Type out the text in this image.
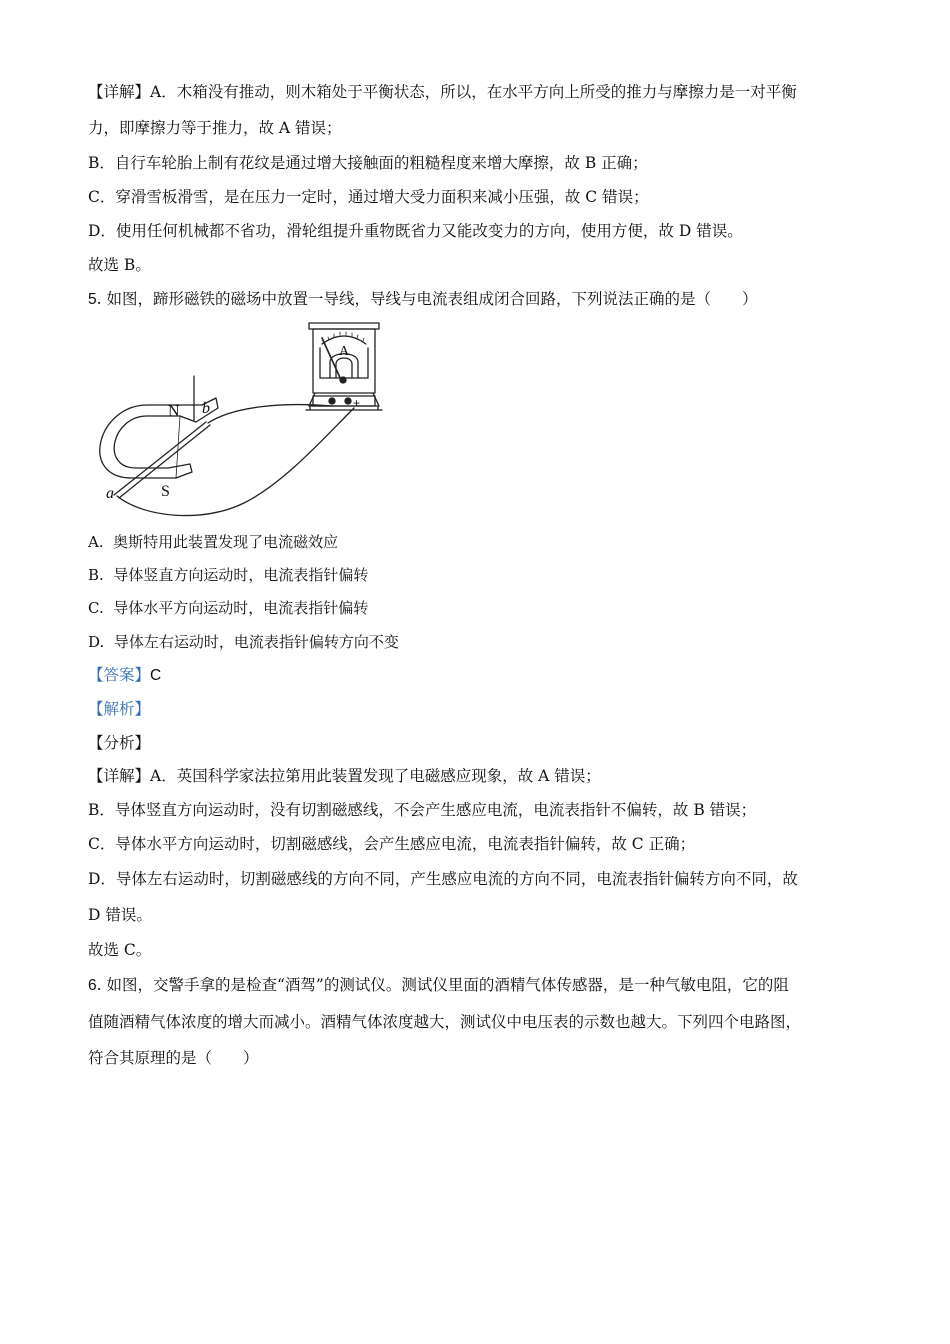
【详解】A．木箱没有推动，则木箱处于平衡状态，所以，在水平方向上所受的推力与摩擦力是一对平衡
力，即摩擦力等于推力，故 A 错误；
B．自行车轮胎上制有花纹是通过增大接触面的粗糙程度来增大摩擦，故 B 正确；
C．穿滑雪板滑雪，是在压力一定时，通过增大受力面积来减小压强，故 C 错误；
D．使用任何机械都不省功，滑轮组提升重物既省力又能改变力的方向，使用方便，故 D 错误。
故选 B。
5. 如图，蹄形磁铁的磁场中放置一导线，导线与电流表组成闭合回路，下列说法正确的是（　　）
A
N
S
b
a
+
A. 奥斯特用此装置发现了电流磁效应
B. 导体竖直方向运动时，电流表指针偏转
C. 导体水平方向运动时，电流表指针偏转
D. 导体左右运动时，电流表指针偏转方向不变
【答案】C
【解析】
【分析】
【详解】A．英国科学家法拉第用此装置发现了电磁感应现象，故 A 错误；
B．导体竖直方向运动时，没有切割磁感线，不会产生感应电流，电流表指针不偏转，故 B 错误；
C．导体水平方向运动时，切割磁感线，会产生感应电流，电流表指针偏转，故 C 正确；
D．导体左右运动时，切割磁感线的方向不同，产生感应电流的方向不同，电流表指针偏转方向不同，故
D 错误。
故选 C。
6. 如图，交警手拿的是检查“酒驾”的测试仪。测试仪里面的酒精气体传感器，是一种气敏电阻，它的阻
值随酒精气体浓度的增大而减小。酒精气体浓度越大，测试仪中电压表的示数也越大。下列四个电路图，
符合其原理的是（　　）
